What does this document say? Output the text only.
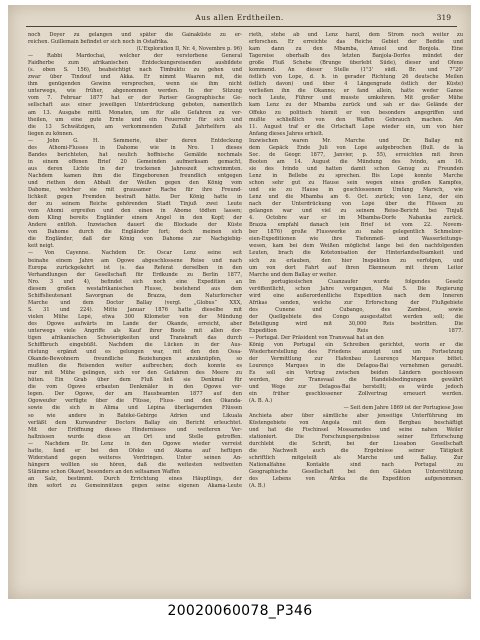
Aus allen Erdtheilen.	319
noch Doyer zu gelangen und später die Gainaküste zu er-
reichen. Guillemain befindet er sich noch in Ostafrika.
(L'Exploration II, Nr. 4, Novembre p. 96)
— Rabbi Mardochai, welcher der verstorbene General
Faidherbe zum afrikanischen Entdeckungsreisenden ausbildete
(s. oben S. 156), beabsichtigt nach Timbuktu zu gehen und
zwar über Tindouf und Akka. Er nimmt Waaren mit, die
ihm genügenden Gewinn versprechen, wenn sie ihm nicht
unterwegs, wie früher, abgenommen werden. In der Sitzung
vom 7. Februar 1877 hat er der Pariser Geographische Ge-
sellschaft aus einer jeweiligen Unterdrückung geboten, namentlich
am 13. Ausgabe mittl. Monaten, um für alle Gefahren zu ver-
theilen, um eine gute Ernte und ein Feuerrohr für sich und
die 13 Schwätzigen, am verkommenden Zufall Jahrhelfern als
liegen zu können.
— John G. H. Semmerie, über deren Entdeckung
des Athomi-Flusses in Dahome wie in Nro. 1 dieses
Bandes berichteten, hat neulich hoffnische Gemälde nochmals
in einem offenen Brief 20 Gemeinden aufmerksam gemacht,
aus deren Lichte in der trockenen Jahreszeit schwimmten.
Nachdem kamen ihm die Eingeborenen freundlich entgegen
und riethen dem Abbalt der Weißen gegen den König vom
Dahome, welcher sie mit grausamer Rache für ihre Freund-
lichkeit gegen Fremden bestraft hätte. Der König hatte in
der zu seinem Reiche gehörenden Stadt Tinjuß zwei Leute
vom Ahomi ergreifen und den einen in Abome tödten lassen;
dem Kling bereits Engländer einem Angel in den Kopf; der
Andere entfloh. Inzwischen dauert die Blockade der Küste
von Dahome durch die Engländer fort; doch meinen sich
die Engländer, daß der König von Dahome zur Nachgiebig-
keit neigt.
— Von Cayenne. Nachdem Dr. Oscar Lenz seine seit
beinahe einem Jahre am Ogowe abgeschlossene Reise und nach
Europa zurückgekehrt ist (s. das Referat derselben in den
Verhandlungen der Gesellschaft für Erdkunde zu Berlin 1877,
Nro. 3 und 4), befindet sich noch eine Expedition an
diesem großen westafrikanischen Flusse, bestehend aus dem
Schiffslieutenant Savorgnan de Brazza, dem Naturforscher
Marche und dem Doctor Ballay (vergl. „Globus“ XXX,
S. 31 und 224). Mitte Januar 1876 hatte dieselbe mit
vielen Mühe Lopé, etwa 300 Kilometer von der Mündung
des Ogowe aufwärts im Lande der Okande, erreicht, aber
unterwegs viele Angriffe als Kauf ihrer Boote mit allen dor-
tigen afrikanischen Schwierigkeiten und Transkraft das durch
Schiffbruch eingebüßt. Nachdem die Lücken in der Aus-
rüstung ergänzt und es gelungen war, mit den den Ossa-
Okande-Bewohnern freundliche Beziehungen anzuknüpfen, so
mußten die Reisenden weiter aufbrechen; doch konnte es
nur mit Mühe gelingen, sich vor den Gefahren des Meere zu
hüten. Ein Grab über dem Fluß ließ sie Denkmal für
die vom Ogowe erbauten Denkmäler in den Ogowe ver-
legen. Der Ogowe, der am Hausbeamten 1877 auf den
Ogoweufer verfügte über die Flüsse, Fluss- und den Okanda-
sowie die sich in Alima und Lépina überlagernden Flüssen
so wie andere in Batéké-Gebirge Adrien und Likuala
verläßt dem Kurwandrer Doctors Ballay ein Bericht erleuchtet.
Mit der Eröffnung dieses Hindernisses und weiteren Ver-
haltnissen wurde diese an Ort und Stelle getroffen.
— Nachdem Dr. Lenz in den Ogowe wieder verreist
hatte, fand er bei den Ofeko und Akama auf heftigen
Widerstand gegen weiteres Vordringen. Unter seinen An-
hängern wollten sie hören, daß die weitesten weltweiten
Stämme schon Okawf, besonders an den seltsamen Waffen
an Salz, bestimmt. Durch Errichtung eines Häuptlings, der
ihm sofort zu Gemeinnützen gegen seine eigenen Akama-Leute
rieth, stehe ab und Lenz harzl, dem Strom noch weiter zu
erforschen. Er erreichte das Reiche Gebiet der Beddie und
kam dann zu den Mbamba, Amuol und Bonjola. Eine
Tagereise oberhalb des letzten Banjola-Dorfes mündet der
große Fluß Schebe (Brunge überlebt Süde), dieser und Ofeno
kommend. An dieser Stelle (1°3' südl. Br. und 7°20'
östlich von Lope, d. h. in gerader Richtung 26 deutsche Meilen
östlich davon) und über 4 Längengrade östlich der Küste)
verließen ihn die Okanno; er fand allein, hatte weder Ganoe
noch Leute, Führer und musste umkehren. Mit großer Mühe
kam Lenz zu der Mbamba zurück und sah er das Gelände der
Offeko zu politisch hiemit er von besonders angegriffen und
mußte schließlich von den Waffen Gebrauch machen. Am
11. August traf er die Ortschaft Lopé wieder ein, um von hier
Anfang dieses Jahres erhielt.
Inzwischen waren Mr. Marche und Dr. Ballay mit
dem Gepäck Ende Juli von Lopé aufgebrochen (Bull. de la
Soc. de Géogr. 1877, Janvier, p. 55), erreichten mit ihren
Booten am 14. August die Mündung des Ivindo, am 16.
sie des Ivindo und hatten damit schon Genug zu Freunden
Lenz in Bellebe zu sprechen. Bis Lopé konnte Marche
schon sehr gut zu Hause sein wegen eines großen Kampfes,
und sie zu Hause in geschlossenem Umfang Marsch, wie
Lenz und die Mbamba am 6. Oct. zurück; von Lenz, der ein
nach der Unterdrückung von Lopé über die Flüssen zu
gelangen war und viel zu seinem Reise-Bericht bei Tinjuß
4. Octobre war er im Mbamba-Dorfe Nabanka zurück.
Brazza empfahl danach (ein Brief ist vom 22. Novem-
ber 1876) große Flusswerke zu nahe gelegentlich Schmelzer-
eien-Expeditionen wie ihre Tiefenmeß- und Wasserleitungs-
wesen, kam bei dem Weißen möglichst lange bei den nachfolgenden
Leuten, brach die Kotetonisation der Hinterlandseltsamkeit und
sich zu erlauben, den hier Inspektion zu verfolgen, und
um von dort Fahrt auf ihren Ekenneum mit ihrem Leitor
Marche und dem Ballay er weiter.
Im portugiesischen Cuanzaufer wurde folgendes Gesetz
veröffentlicht, schon Jahre vergangen, Mai 5. Die Regierung
wird eine außerordentliche Expedition nach dem Inneren
Afrikas senden, welche zur Erforschung der Flußgebiete
des Cunene und Cubango, des Zambesi, sowie
der Quellgebiete des Congo ausgestattet werden soll; die
Beteiligung wird mit 30,000 Reis bestritten. Die
Expedition Reis 1877.
— Portugal. Der Präsident von Transvaal hat an den
König von Portugal ein Schreiben gerichtet, worin er die
Wiederherstellung des Friedens anzeigt und um Fortsetzung
der Vermittlung zur Hafenbau Lourenço Marques bittet.
Lourenço Marques in die Delagoa-Bai vernehmen geraubt.
Es soll ein Vertrag zwischen beiden Ländern geschlossen
werden, der Transvaal die Handelsbedingungen gewährt
und Wege zur Delagoa-Bai herstellt; es würde jedoch
ein früher geschlossener Zollvertrag erneuert werden.
(A. B. A.)
— Seit dem Jahre 1869 ist der Portugiese Jose
Anchieta aber über sämtliche aber jenseitige Unterführung im
Küstengebiete von Angola mit dem Bergbau beschäftigt
und hat die Fischinsel Mossamedes und seine nahen Weiler
stationiert. Die Forschungsergebnisse seiner Erforschung
durchlebt die Schrift, bei der Lissabon Gesellschaft
die Nachwelt auch die Ergebnisse seiner Tätigkeit
schriftlich mitgeteilt als Marche und Ballay. Zur
Nationalfahne Kontakte sind nach Portugal zu
Geographische Gesellschaft bei den Gästen Unterstützung
des Lebens von Afrika die Expedition aufgenommen.
(A. B.)
20020060078_P346
